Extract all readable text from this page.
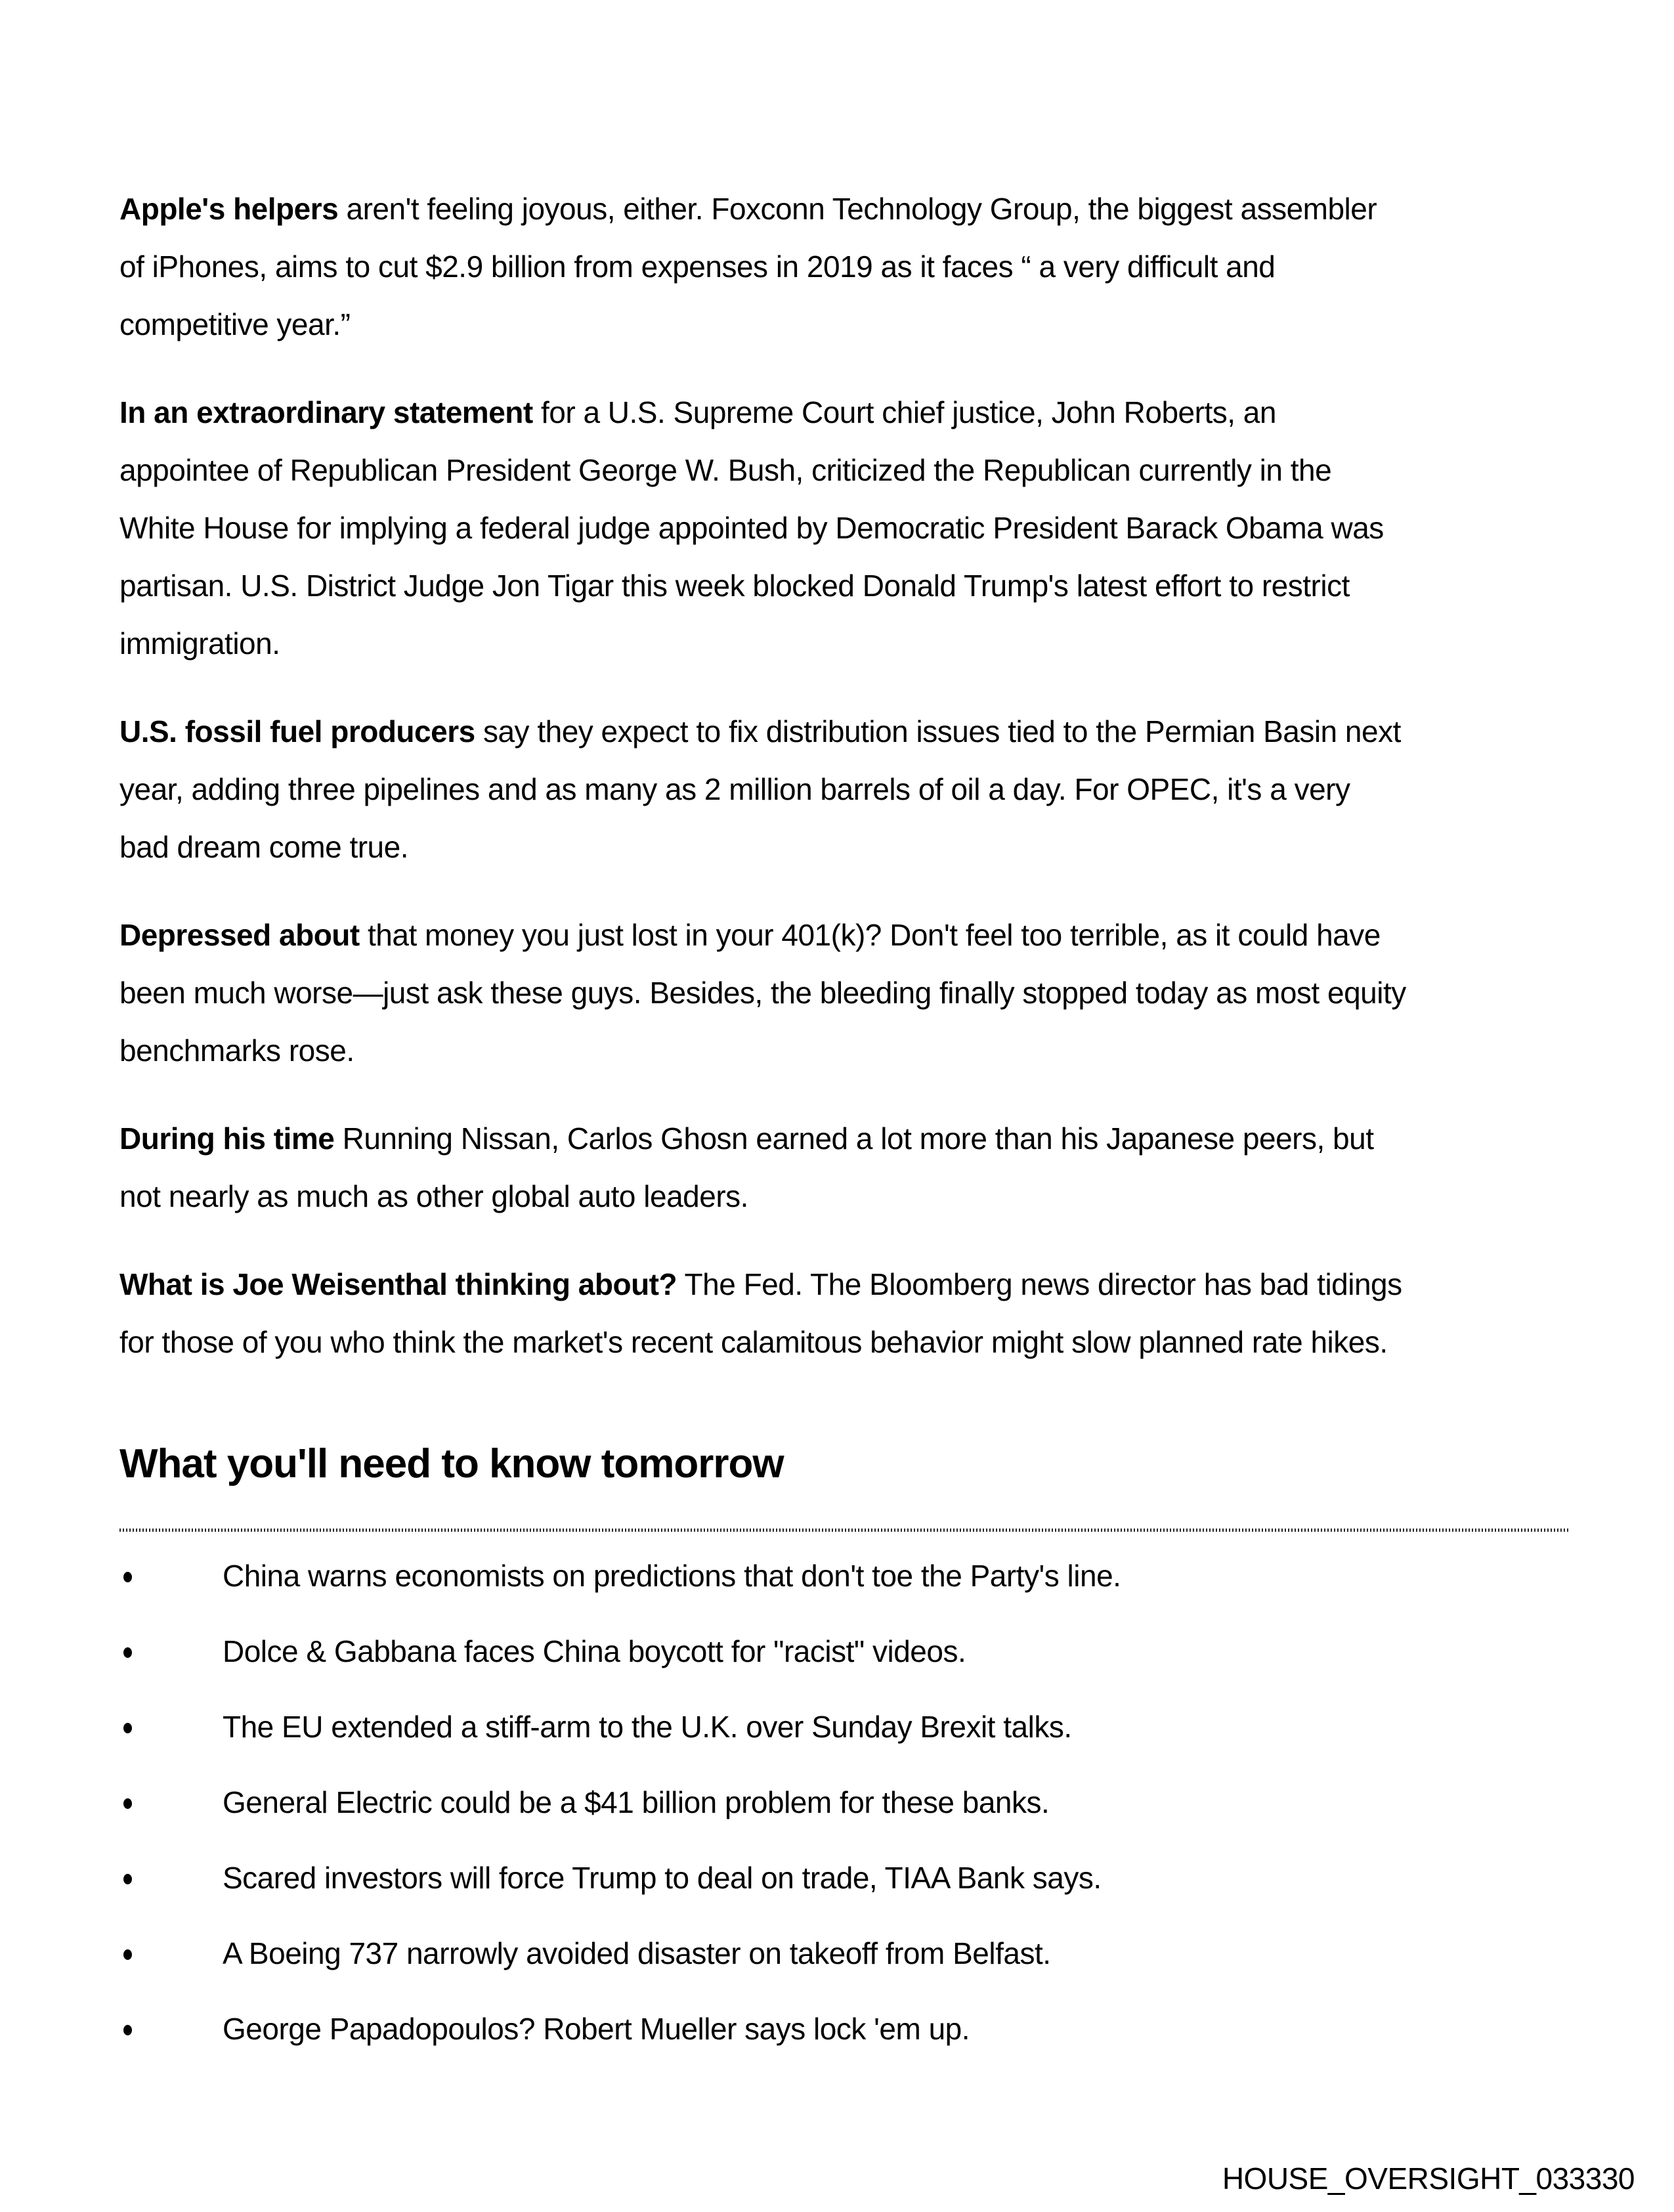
Apple's helpers aren't feeling joyous, either. Foxconn Technology Group, the biggest assembler
of iPhones, aims to cut $2.9 billion from expenses in 2019 as it faces “ a very difficult and
competitive year.”

In an extraordinary statement for a U.S. Supreme Court chief justice, John Roberts, an
appointee of Republican President George W. Bush, criticized the Republican currently in the
White House for implying a federal judge appointed by Democratic President Barack Obama was
partisan. U.S. District Judge Jon Tigar this week blocked Donald Trump's latest effort to restrict
immigration.

U.S. fossil fuel producers say they expect to fix distribution issues tied to the Permian Basin next
year, adding three pipelines and as many as 2 million barrels of oil a day. For OPEC, it's a very
bad dream come true.

Depressed about that money you just lost in your 401(k)? Don't feel too terrible, as it could have
been much worse—just ask these guys. Besides, the bleeding finally stopped today as most equity
benchmarks rose.

During his time Running Nissan, Carlos Ghosn earned a lot more than his Japanese peers, but
not nearly as much as other global auto leaders.

What is Joe Weisenthal thinking about? The Fed. The Bloomberg news director has bad tidings
for those of you who think the market's recent calamitous behavior might slow planned rate hikes.

What you'll need to know tomorrow
China warns economists on predictions that don't toe the Party's line.
Dolce & Gabbana faces China boycott for "racist" videos.
The EU extended a stiff-arm to the U.K. over Sunday Brexit talks.
General Electric could be a $41 billion problem for these banks.
Scared investors will force Trump to deal on trade, TIAA Bank says.
A Boeing 737 narrowly avoided disaster on takeoff from Belfast.
George Papadopoulos? Robert Mueller says lock 'em up.
HOUSE_OVERSIGHT_033330
